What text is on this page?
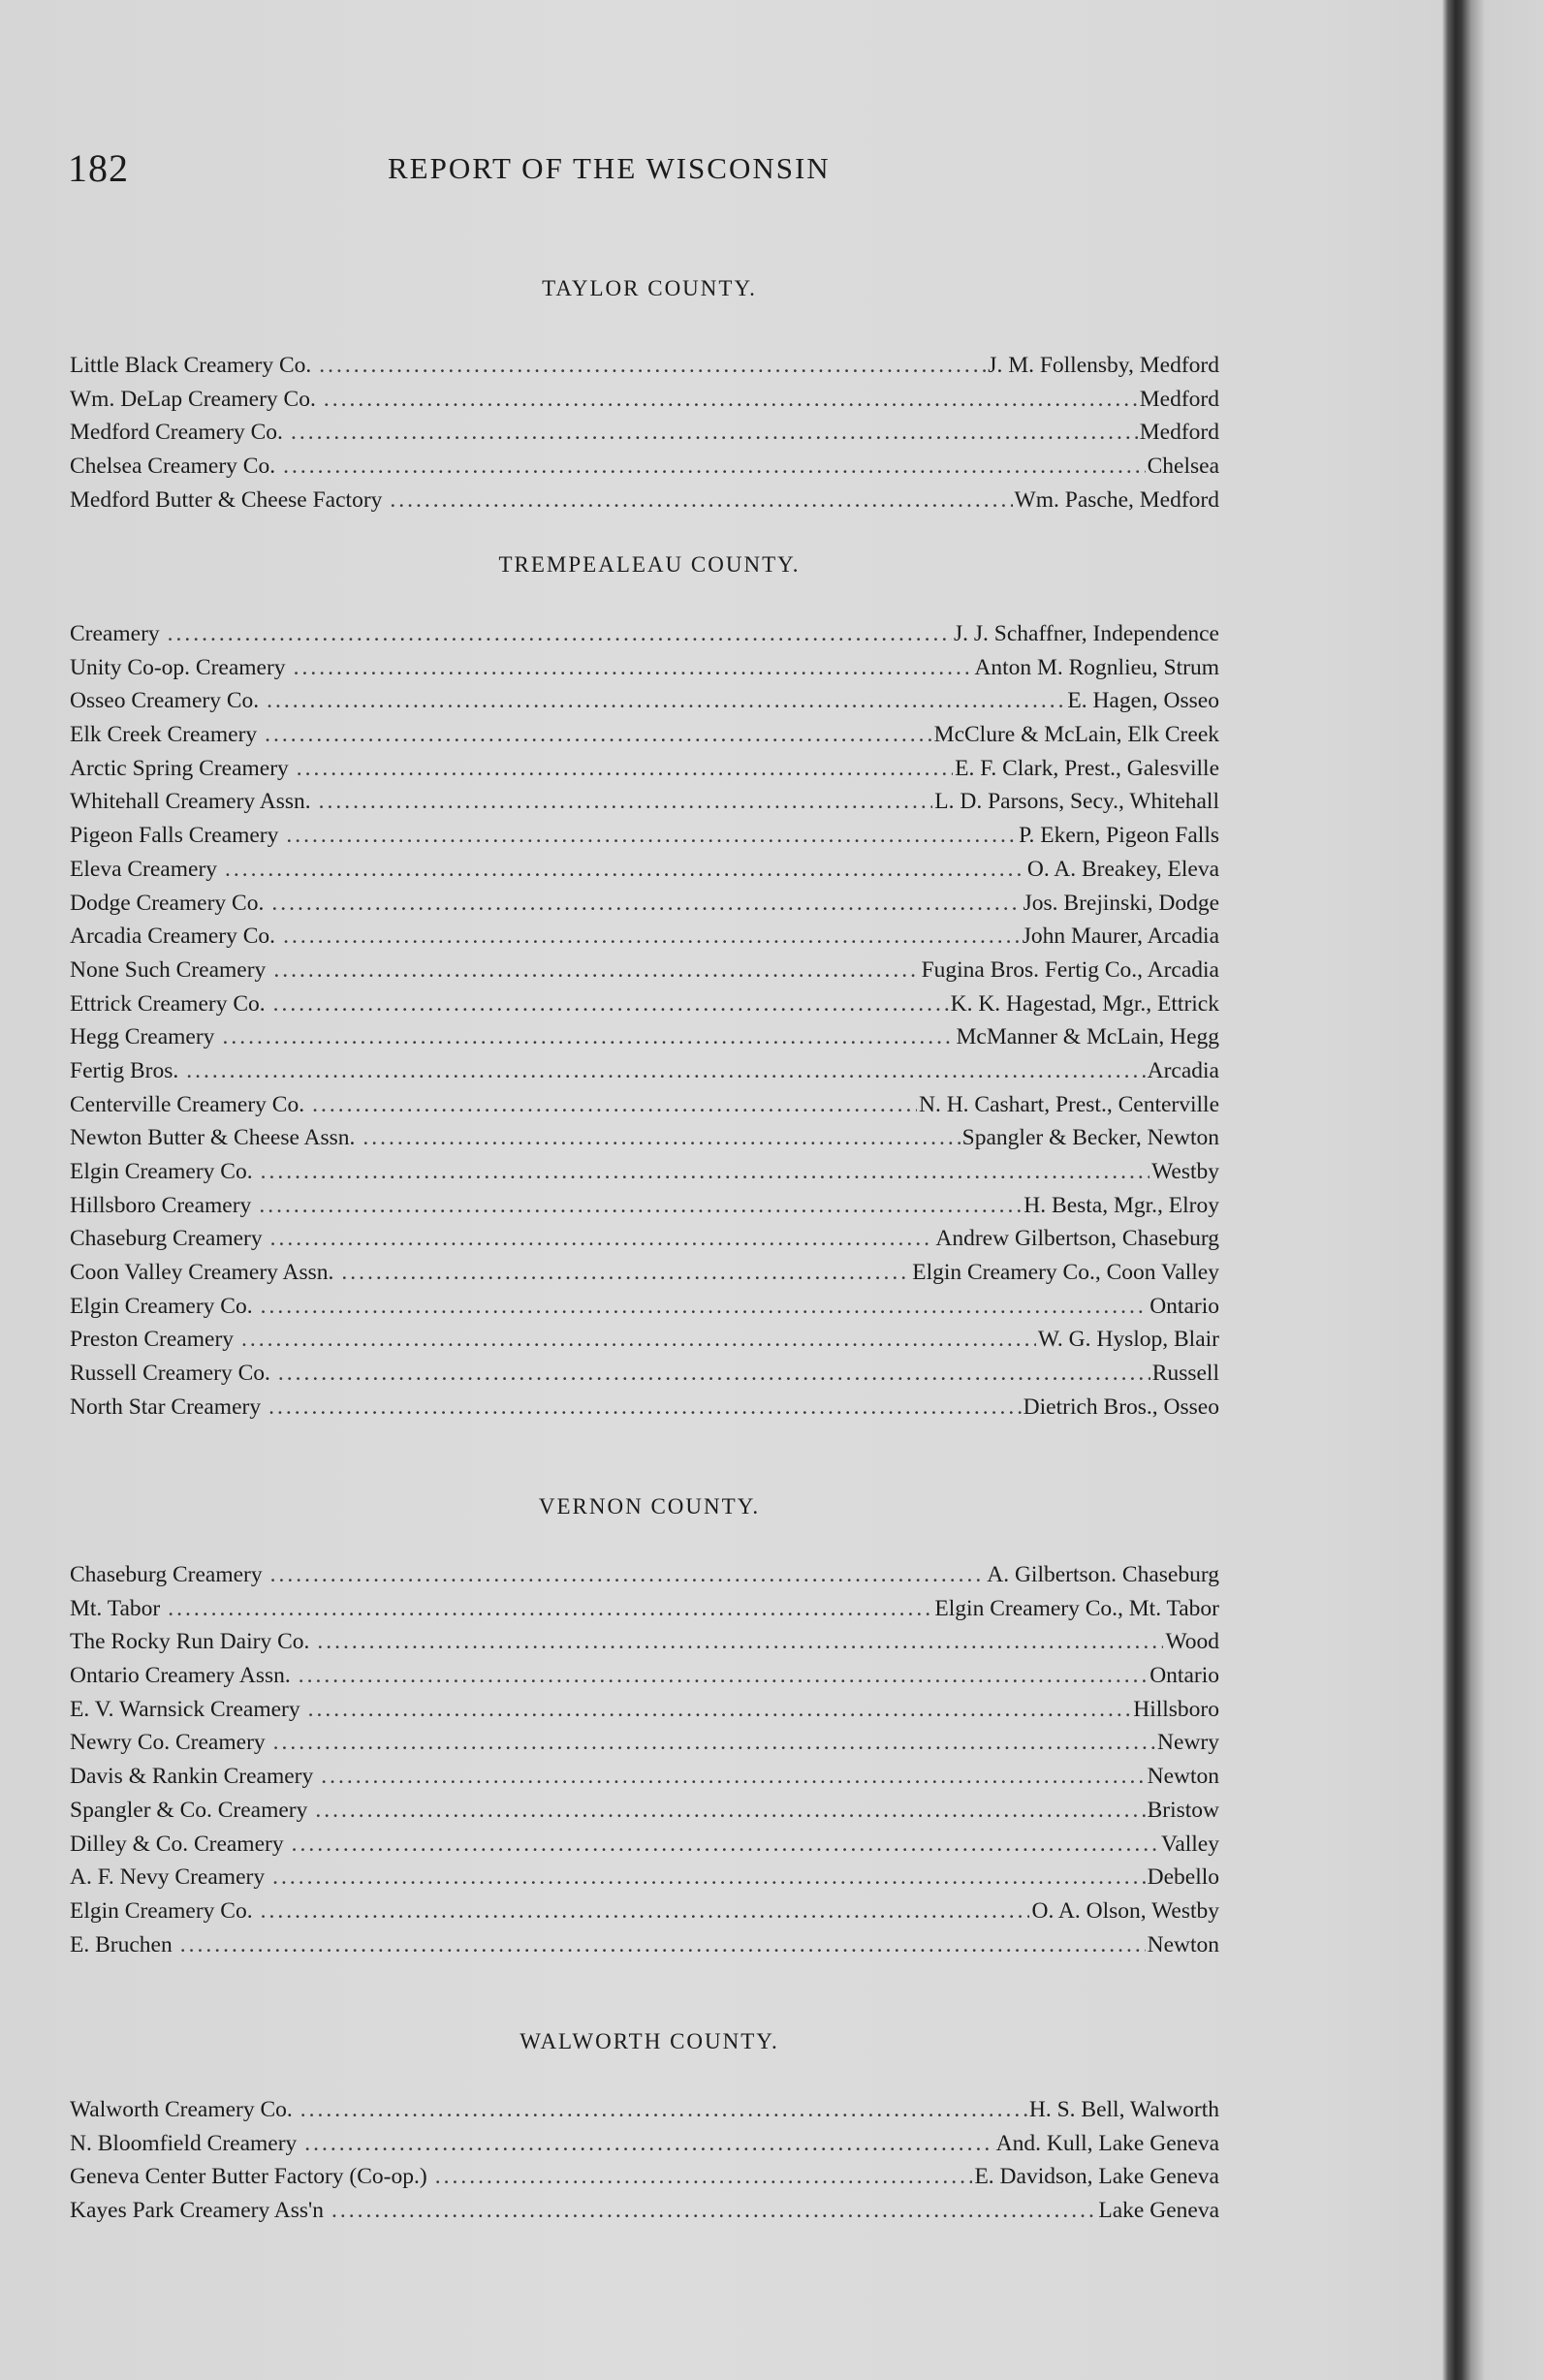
182	REPORT OF THE WISCONSIN
TAYLOR COUNTY.
Little Black Creamery Co. .....	J. M. Follensby, Medford
Wm. DeLap Creamery Co. .....	Medford
Medford Creamery Co. .....	Medford
Chelsea Creamery Co. .....	Chelsea
Medford Butter & Cheese Factory .....	Wm. Pasche, Medford
TREMPEALEAU COUNTY.
Creamery .....	J. J. Schaffner, Independence
Unity Co-op. Creamery .....	Anton M. Rognlieu, Strum
Osseo Creamery Co. .....	E. Hagen, Osseo
Elk Creek Creamery .....	McClure & McLain, Elk Creek
Arctic Spring Creamery .....	E. F. Clark, Prest., Galesville
Whitehall Creamery Assn. .....	L. D. Parsons, Secy., Whitehall
Pigeon Falls Creamery .....	P. Ekern, Pigeon Falls
Eleva Creamery .....	O. A. Breakey, Eleva
Dodge Creamery Co. .....	Jos. Brejinski, Dodge
Arcadia Creamery Co. .....	John Maurer, Arcadia
None Such Creamery .....	Fugina Bros. Fertig Co., Arcadia
Ettrick Creamery Co. .....	K. K. Hagestad, Mgr., Ettrick
Hegg Creamery .....	McManner & McLain, Hegg
Fertig Bros. .....	Arcadia
Centerville Creamery Co. .....	N. H. Cashart, Prest., Centerville
Newton Butter & Cheese Assn. .....	Spangler & Becker, Newton
Elgin Creamery Co. .....	Westby
Hillsboro Creamery .....	H. Besta, Mgr., Elroy
Chaseburg Creamery .....	Andrew Gilbertson, Chaseburg
Coon Valley Creamery Assn. .....	Elgin Creamery Co., Coon Valley
Elgin Creamery Co. .....	Ontario
Preston Creamery .....	W. G. Hyslop, Blair
Russell Creamery Co. .....	Russell
North Star Creamery .....	Dietrich Bros., Osseo
VERNON COUNTY.
Chaseburg Creamery .....	A. Gilbertson. Chaseburg
Mt. Tabor .....	Elgin Creamery Co., Mt. Tabor
The Rocky Run Dairy Co. .....	Wood
Ontario Creamery Assn. .....	Ontario
E. V. Warnsick Creamery .....	Hillsboro
Newry Co. Creamery .....	Newry
Davis & Rankin Creamery .....	Newton
Spangler & Co. Creamery .....	Bristow
Dilley & Co. Creamery .....	Valley
A. F. Nevy Creamery .....	Debello
Elgin Creamery Co. .....	O. A. Olson, Westby
E. Bruchen .....	Newton
WALWORTH COUNTY.
Walworth Creamery Co. .....	H. S. Bell, Walworth
N. Bloomfield Creamery .....	And. Kull, Lake Geneva
Geneva Center Butter Factory (Co-op.) .....	E. Davidson, Lake Geneva
Kayes Park Creamery Ass'n .....	Lake Geneva
